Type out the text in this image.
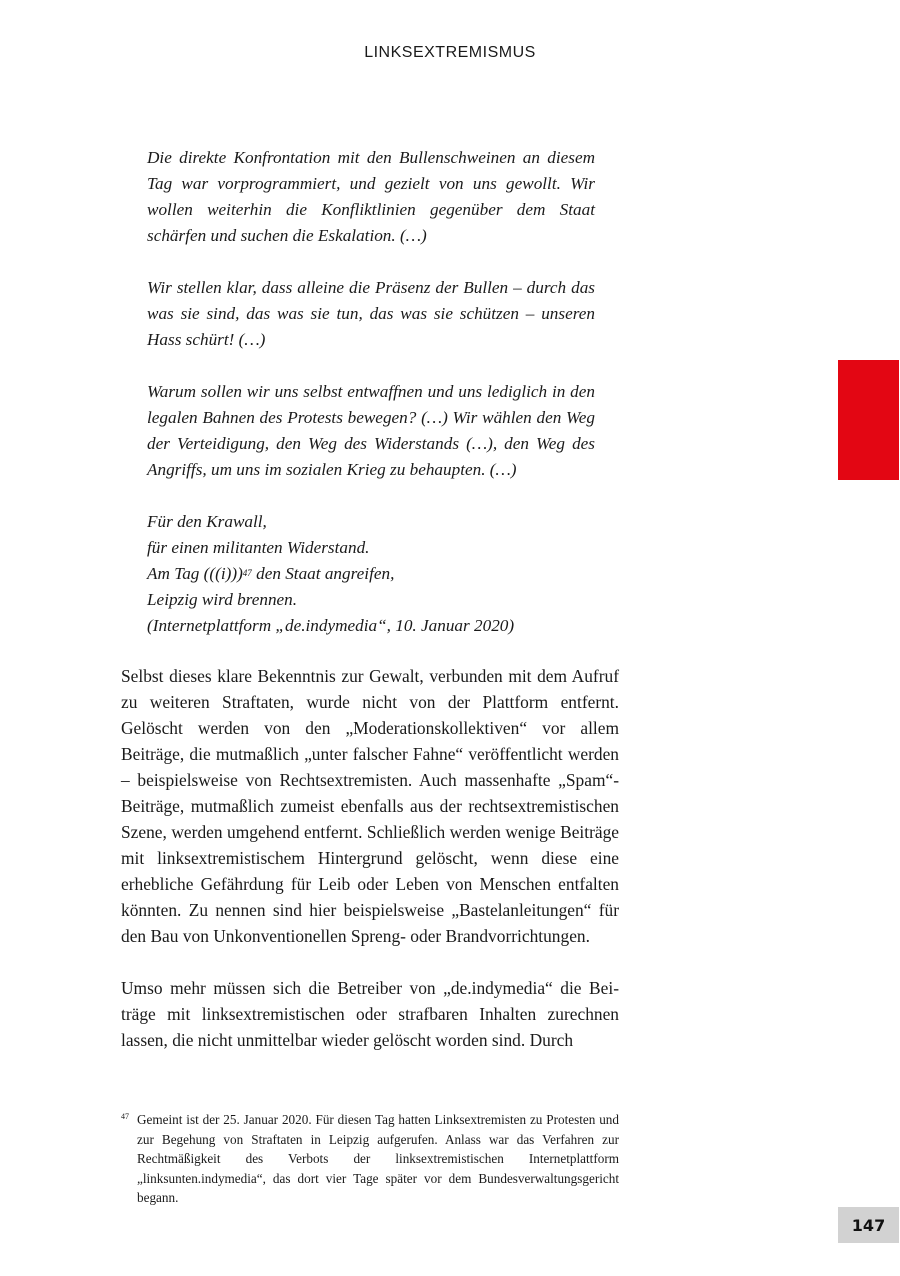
LINKSEXTREMISMUS

Die direkte Konfrontation mit den Bullenschweinen an diesem Tag war vorprogrammiert, und gezielt von uns gewollt. Wir wollen weiterhin die Konfliktlinien gegenüber dem Staat schärfen und suchen die Eskalation. (…)

Wir stellen klar, dass alleine die Präsenz der Bullen – durch das was sie sind, das was sie tun, das was sie schützen – unseren Hass schürt! (…)

Warum sollen wir uns selbst entwaffnen und uns lediglich in den legalen Bahnen des Protests bewegen? (…) Wir wählen den Weg der Verteidigung, den Weg des Widerstands (…), den Weg des Angriffs, um uns im sozialen Krieg zu behaupten. (…)

Für den Krawall,
für einen militanten Widerstand.
Am Tag $(((i)))^{47}$ den Staat angreifen,
Leipzig wird brennen.
(Internetplattform „de.indymedia“, 10. Januar 2020)

Selbst dieses klare Bekenntnis zur Gewalt, verbunden mit dem Aufruf zu weiteren Straftaten, wurde nicht von der Plattform entfernt. Gelöscht werden von den „Moderationskollektiven“ vor allem Beiträge, die mutmaßlich „unter falscher Fahne“ veröffentlicht werden – beispielsweise von Rechtsextremisten. Auch massenhafte „Spam“-Beiträge, mutmaßlich zumeist ebenfalls aus der rechtsextremistischen Szene, werden umgehend entfernt. Schließlich werden wenige Beiträge mit linksextremistischem Hintergrund gelöscht, wenn diese eine erhebliche Gefährdung für Leib oder Leben von Menschen entfalten könnten. Zu nennen sind hier beispielsweise „Bastelanleitungen“ für den Bau von Unkonventionellen Spreng- oder Brandvorrichtungen.

Umso mehr müssen sich die Betreiber von „de.indymedia“ die Beiträge mit linksextremistischen oder strafbaren Inhalten zurechnen lassen, die nicht unmittelbar wieder gelöscht worden sind. Durch

47 Gemeint ist der 25. Januar 2020. Für diesen Tag hatten Linksextremisten zu Protesten und zur Begehung von Straftaten in Leipzig aufgerufen. Anlass war das Verfahren zur Rechtmäßigkeit des Verbots der linksextremistischen Internetplattform „linksunten.indymedia“, das dort vier Tage später vor dem Bundesverwaltungsgericht begann.
147
